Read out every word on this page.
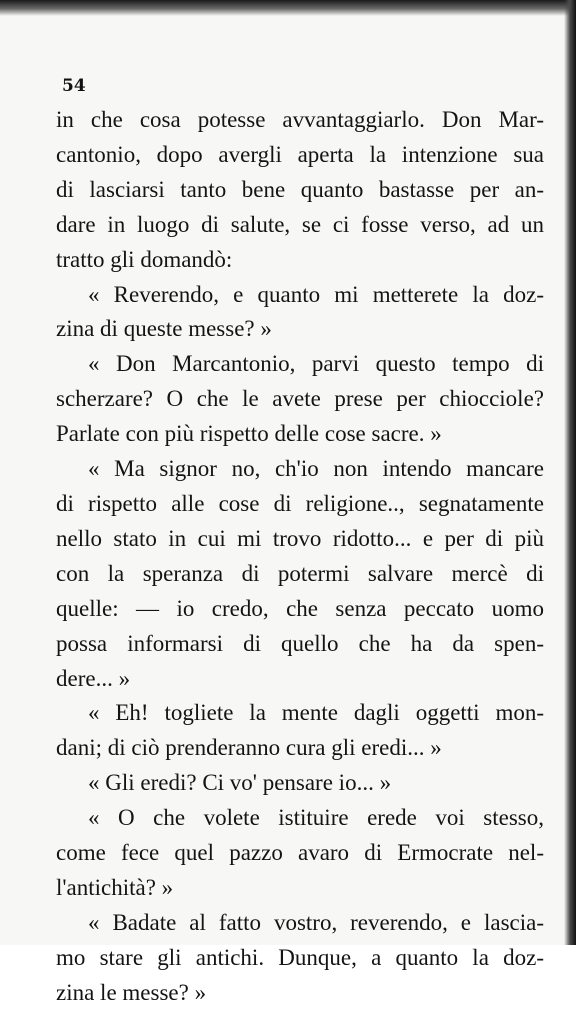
54
in che cosa potesse avvantaggiarlo. Don Mar-
cantonio, dopo avergli aperta la intenzione sua
di lasciarsi tanto bene quanto bastasse per an-
dare in luogo di salute, se ci fosse verso, ad un
tratto gli domandò:
« Reverendo, e quanto mi metterete la doz-
zina di queste messe? »
« Don Marcantonio, parvi questo tempo di
scherzare? O che le avete prese per chiocciole?
Parlate con più rispetto delle cose sacre. »
« Ma signor no, ch'io non intendo mancare
di rispetto alle cose di religione.., segnatamente
nello stato in cui mi trovo ridotto... e per di più
con la speranza di potermi salvare mercè di
quelle: — io credo, che senza peccato uomo
possa informarsi di quello che ha da spen-
dere... »
« Eh! togliete la mente dagli oggetti mon-
dani; di ciò prenderanno cura gli eredi... »
« Gli eredi? Ci vo' pensare io... »
« O che volete istituire erede voi stesso,
come fece quel pazzo avaro di Ermocrate nel-
l'antichità? »
« Badate al fatto vostro, reverendo, e lascia-
mo stare gli antichi. Dunque, a quanto la doz-
zina le messe? »
